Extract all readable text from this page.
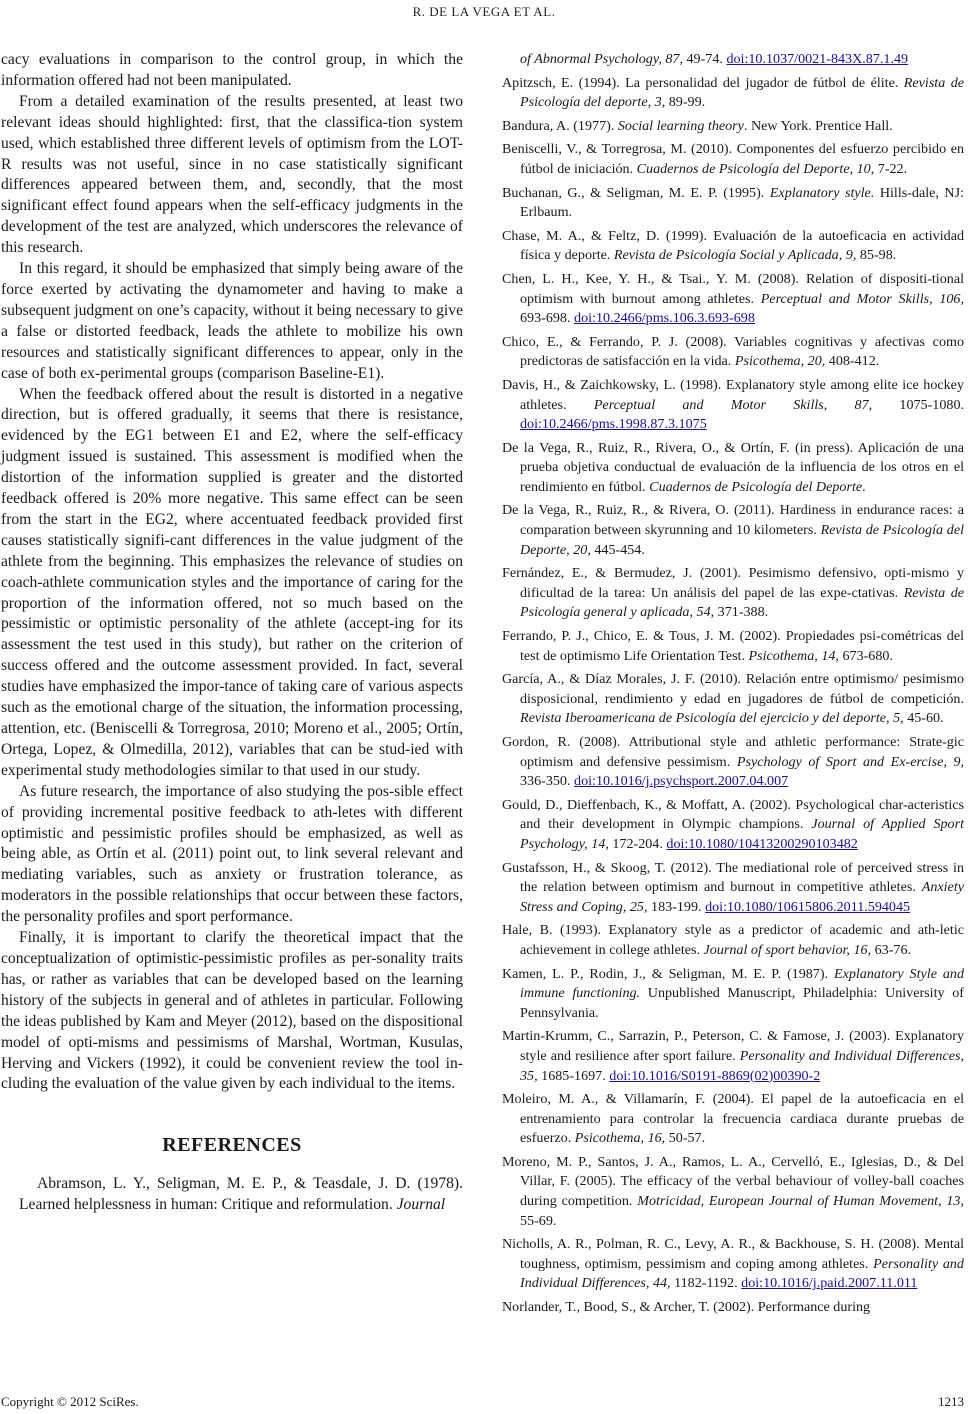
R. DE LA VEGA ET AL.

cacy evaluations in comparison to the control group, in which the information offered had not been manipulated.

From a detailed examination of the results presented, at least two relevant ideas should highlighted: first, that the classifica-tion system used, which established three different levels of optimism from the LOT-R results was not useful, since in no case statistically significant differences appeared between them, and, secondly, that the most significant effect found appears when the self-efficacy judgments in the development of the test are analyzed, which underscores the relevance of this research.

In this regard, it should be emphasized that simply being aware of the force exerted by activating the dynamometer and having to make a subsequent judgment on one’s capacity, without it being necessary to give a false or distorted feedback, leads the athlete to mobilize his own resources and statistically significant differences to appear, only in the case of both ex-perimental groups (comparison Baseline-E1).

When the feedback offered about the result is distorted in a negative direction, but is offered gradually, it seems that there is resistance, evidenced by the EG1 between E1 and E2, where the self-efficacy judgment issued is sustained. This assessment is modified when the distortion of the information supplied is greater and the distorted feedback offered is 20% more negative. This same effect can be seen from the start in the EG2, where accentuated feedback provided first causes statistically signifi-cant differences in the value judgment of the athlete from the beginning. This emphasizes the relevance of studies on coach-athlete communication styles and the importance of caring for the proportion of the information offered, not so much based on the pessimistic or optimistic personality of the athlete (accept-ing for its assessment the test used in this study), but rather on the criterion of success offered and the outcome assessment provided. In fact, several studies have emphasized the impor-tance of taking care of various aspects such as the emotional charge of the situation, the information processing, attention, etc. (Beniscelli & Torregrosa, 2010; Moreno et al., 2005; Ortín, Ortega, Lopez, & Olmedilla, 2012), variables that can be stud-ied with experimental study methodologies similar to that used in our study.

As future research, the importance of also studying the pos-sible effect of providing incremental positive feedback to ath-letes with different optimistic and pessimistic profiles should be emphasized, as well as being able, as Ortín et al. (2011) point out, to link several relevant and mediating variables, such as anxiety or frustration tolerance, as moderators in the possible relationships that occur between these factors, the personality profiles and sport performance.

Finally, it is important to clarify the theoretical impact that the conceptualization of optimistic-pessimistic profiles as per-sonality traits has, or rather as variables that can be developed based on the learning history of the subjects in general and of athletes in particular. Following the ideas published by Kam and Meyer (2012), based on the dispositional model of opti-misms and pessimisms of Marshal, Wortman, Kusulas, Herving and Vickers (1992), it could be convenient review the tool in-cluding the evaluation of the value given by each individual to the items.

REFERENCES

Abramson, L. Y., Seligman, M. E. P., & Teasdale, J. D. (1978). Learned helplessness in human: Critique and reformulation. Journal

of Abnormal Psychology, 87, 49-74. doi:10.1037/0021-843X.87.1.49

Apitzsch, E. (1994). La personalidad del jugador de fútbol de élite. Revista de Psicología del deporte, 3, 89-99.

Bandura, A. (1977). Social learning theory. New York. Prentice Hall.

Beniscelli, V., & Torregrosa, M. (2010). Componentes del esfuerzo percibido en fútbol de iniciación. Cuadernos de Psicología del Deporte, 10, 7-22.

Buchanan, G., & Seligman, M. E. P. (1995). Explanatory style. Hills-dale, NJ: Erlbaum.

Chase, M. A., & Feltz, D. (1999). Evaluación de la autoeficacia en actividad física y deporte. Revista de Psicología Social y Aplicada, 9, 85-98.

Chen, L. H., Kee, Y. H., & Tsai., Y. M. (2008). Relation of dispositi-tional optimism with burnout among athletes. Perceptual and Motor Skills, 106, 693-698. doi:10.2466/pms.106.3.693-698

Chico, E., & Ferrando, P. J. (2008). Variables cognitivas y afectivas como predictoras de satisfacción en la vida. Psicothema, 20, 408-412.

Davis, H., & Zaichkowsky, L. (1998). Explanatory style among elite ice hockey athletes. Perceptual and Motor Skills, 87, 1075-1080. doi:10.2466/pms.1998.87.3.1075

De la Vega, R., Ruiz, R., Rivera, O., & Ortín, F. (in press). Aplicación de una prueba objetiva conductual de evaluación de la influencia de los otros en el rendimiento en fútbol. Cuadernos de Psicología del Deporte.

De la Vega, R., Ruiz, R., & Rivera, O. (2011). Hardiness in endurance races: a comparation between skyrunning and 10 kilometers. Revista de Psicología del Deporte, 20, 445-454.

Fernández, E., & Bermudez, J. (2001). Pesimismo defensivo, opti-mismo y dificultad de la tarea: Un análisis del papel de las expe-ctativas. Revista de Psicología general y aplicada, 54, 371-388.

Ferrando, P. J., Chico, E. & Tous, J. M. (2002). Propiedades psi-cométricas del test de optimismo Life Orientation Test. Psicothema, 14, 673-680.

García, A., & Díaz Morales, J. F. (2010). Relación entre optimismo/ pesimismo disposicional, rendimiento y edad en jugadores de fútbol de competición. Revista Iberoamericana de Psicología del ejercicio y del deporte, 5, 45-60.

Gordon, R. (2008). Attributional style and athletic performance: Strate-gic optimism and defensive pessimism. Psychology of Sport and Ex-ercise, 9, 336-350. doi:10.1016/j.psychsport.2007.04.007

Gould, D., Dieffenbach, K., & Moffatt, A. (2002). Psychological char-acteristics and their development in Olympic champions. Journal of Applied Sport Psychology, 14, 172-204. doi:10.1080/10413200290103482

Gustafsson, H., & Skoog, T. (2012). The mediational role of perceived stress in the relation between optimism and burnout in competitive athletes. Anxiety Stress and Coping, 25, 183-199. doi:10.1080/10615806.2011.594045

Hale, B. (1993). Explanatory style as a predictor of academic and ath-letic achievement in college athletes. Journal of sport behavior, 16, 63-76.

Kamen, L. P., Rodin, J., & Seligman, M. E. P. (1987). Explanatory Style and immune functioning. Unpublished Manuscript, Philadelphia: University of Pennsylvania.

Martin-Krumm, C., Sarrazin, P., Peterson, C. & Famose, J. (2003). Explanatory style and resilience after sport failure. Personality and Individual Differences, 35, 1685-1697. doi:10.1016/S0191-8869(02)00390-2

Moleiro, M. A., & Villamarín, F. (2004). El papel de la autoeficacia en el entrenamiento para controlar la frecuencia cardiaca durante pruebas de esfuerzo. Psicothema, 16, 50-57.

Moreno, M. P., Santos, J. A., Ramos, L. A., Cervelló, E., Iglesias, D., & Del Villar, F. (2005). The efficacy of the verbal behaviour of volley-ball coaches during competition. Motricidad, European Journal of Human Movement, 13, 55-69.

Nicholls, A. R., Polman, R. C., Levy, A. R., & Backhouse, S. H. (2008). Mental toughness, optimism, pessimism and coping among athletes. Personality and Individual Differences, 44, 1182-1192. doi:10.1016/j.paid.2007.11.011

Norlander, T., Bood, S., & Archer, T. (2002). Performance during

Copyright © 2012 SciRes.	1213
